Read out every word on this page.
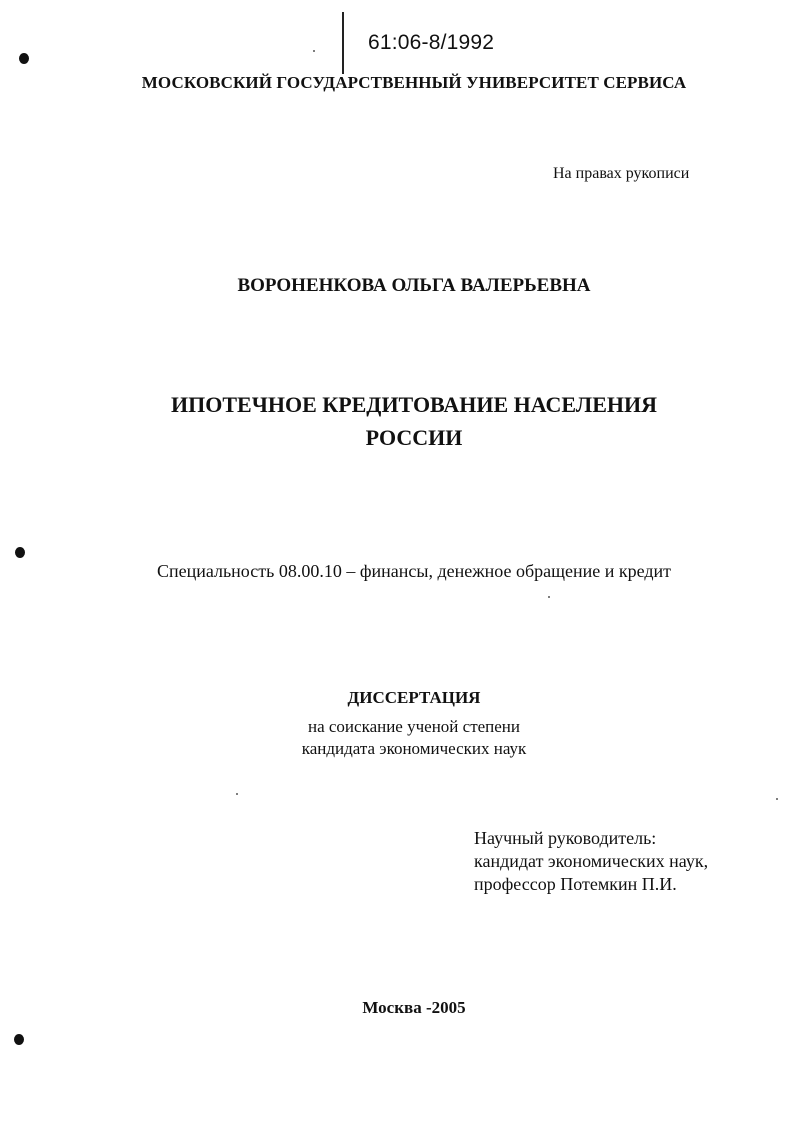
61:06-8/1992
МОСКОВСКИЙ ГОСУДАРСТВЕННЫЙ УНИВЕРСИТЕТ СЕРВИСА
На правах рукописи
ВОРОНЕНКОВА ОЛЬГА ВАЛЕРЬЕВНА
ИПОТЕЧНОЕ КРЕДИТОВАНИЕ НАСЕЛЕНИЯ
РОССИИ
Специальность 08.00.10 – финансы, денежное обращение и кредит
ДИССЕРТАЦИЯ
на соискание ученой степени
кандидата экономических наук
Научный руководитель:
кандидат экономических наук,
профессор Потемкин П.И.
Москва -2005
